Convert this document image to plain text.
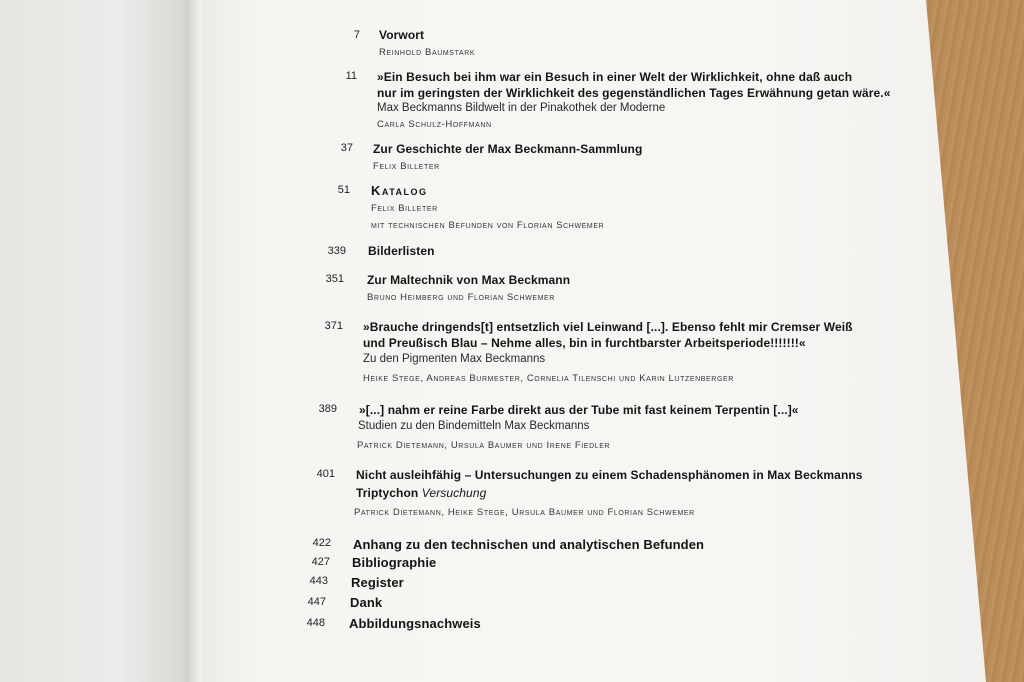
7 Vorwort
Reinhold Baumstark
11 »Ein Besuch bei ihm war ein Besuch in einer Welt der Wirklichkeit, ohne daß auch
nur im geringsten der Wirklichkeit des gegenständlichen Tages Erwähnung getan wäre.«
Max Beckmanns Bildwelt in der Pinakothek der Moderne
Carla Schulz-Hoffmann
37 Zur Geschichte der Max Beckmann-Sammlung
Felix Billeter
51 Katalog
Felix Billeter
mit technischen Befunden von Florian Schwemer
339 Bilderlisten
351 Zur Maltechnik von Max Beckmann
Bruno Heimberg und Florian Schwemer
371 »Brauche dringends[t] entsetzlich viel Leinwand [...]. Ebenso fehlt mir Cremser Weiß
und Preußisch Blau – Nehme alles, bin in furchtbarster Arbeitsperiode!!!!!!!«
Zu den Pigmenten Max Beckmanns
Heike Stege, Andreas Burmester, Cornelia Tilenschi und Karin Lutzenberger
389 »[...] nahm er reine Farbe direkt aus der Tube mit fast keinem Terpentin [...]«
Studien zu den Bindemitteln Max Beckmanns
Patrick Dietemann, Ursula Baumer und Irene Fiedler
401 Nicht ausleihfähig – Untersuchungen zu einem Schadensphänomen in Max Beckmanns
Triptychon Versuchung
Patrick Dietemann, Heike Stege, Ursula Baumer und Florian Schwemer
422 Anhang zu den technischen und analytischen Befunden
427 Bibliographie
443 Register
447 Dank
448 Abbildungsnachweis
